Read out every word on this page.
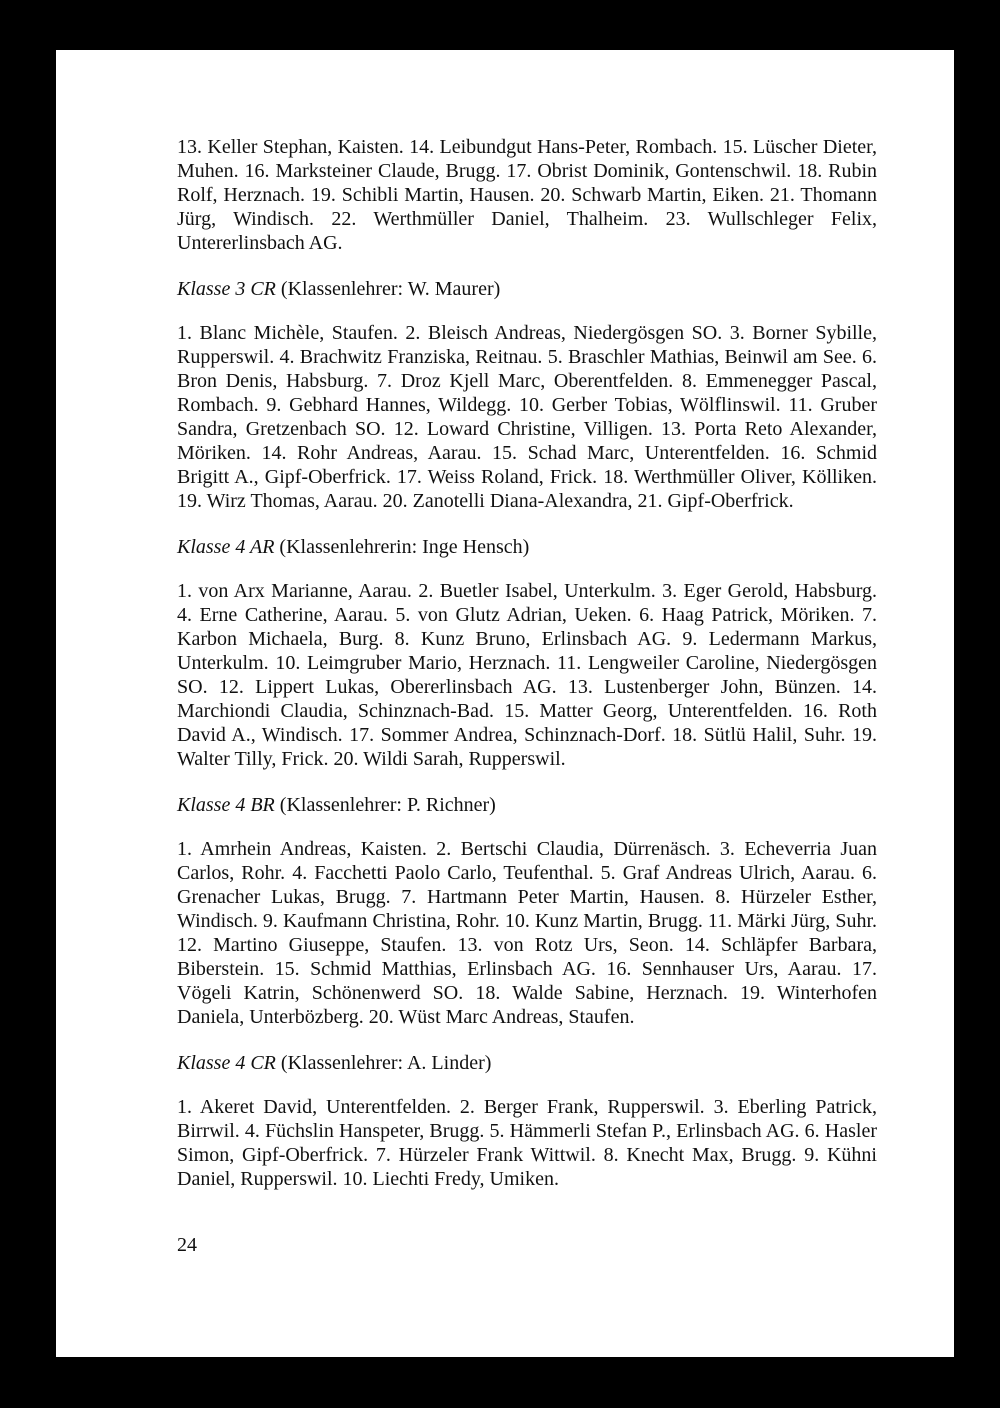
13. Keller Stephan, Kaisten. 14. Leibundgut Hans-Peter, Rombach. 15. Lüscher Dieter, Muhen. 16. Marksteiner Claude, Brugg. 17. Obrist Dominik, Gontenschwil. 18. Rubin Rolf, Herznach. 19. Schibli Martin, Hausen. 20. Schwarb Martin, Eiken. 21. Thomann Jürg, Windisch. 22. Werthmüller Daniel, Thalheim. 23. Wullschleger Felix, Untererlinsbach AG.

Klasse 3 CR (Klassenlehrer: W. Maurer)

1. Blanc Michèle, Staufen. 2. Bleisch Andreas, Niedergösgen SO. 3. Borner Sybille, Rupperswil. 4. Brachwitz Franziska, Reitnau. 5. Braschler Mathias, Beinwil am See. 6. Bron Denis, Habsburg. 7. Droz Kjell Marc, Oberentfelden. 8. Emmenegger Pascal, Rombach. 9. Gebhard Hannes, Wildegg. 10. Gerber Tobias, Wölflinswil. 11. Gruber Sandra, Gretzenbach SO. 12. Loward Christine, Villigen. 13. Porta Reto Alexander, Möriken. 14. Rohr Andreas, Aarau. 15. Schad Marc, Unterentfelden. 16. Schmid Brigitt A., Gipf-Oberfrick. 17. Weiss Roland, Frick. 18. Werthmüller Oliver, Kölliken. 19. Wirz Thomas, Aarau. 20. Zanotelli Diana-Alexandra, 21. Gipf-Oberfrick.

Klasse 4 AR (Klassenlehrerin: Inge Hensch)

1. von Arx Marianne, Aarau. 2. Buetler Isabel, Unterkulm. 3. Eger Gerold, Habsburg. 4. Erne Catherine, Aarau. 5. von Glutz Adrian, Ueken. 6. Haag Patrick, Möriken. 7. Karbon Michaela, Burg. 8. Kunz Bruno, Erlinsbach AG. 9. Ledermann Markus, Unterkulm. 10. Leimgruber Mario, Herznach. 11. Lengweiler Caroline, Niedergösgen SO. 12. Lippert Lukas, Obererlinsbach AG. 13. Lustenberger John, Bünzen. 14. Marchiondi Claudia, Schinznach-Bad. 15. Matter Georg, Unterentfelden. 16. Roth David A., Windisch. 17. Sommer Andrea, Schinznach-Dorf. 18. Sütlü Halil, Suhr. 19. Walter Tilly, Frick. 20. Wildi Sarah, Rupperswil.

Klasse 4 BR (Klassenlehrer: P. Richner)

1. Amrhein Andreas, Kaisten. 2. Bertschi Claudia, Dürrenäsch. 3. Echeverria Juan Carlos, Rohr. 4. Facchetti Paolo Carlo, Teufenthal. 5. Graf Andreas Ulrich, Aarau. 6. Grenacher Lukas, Brugg. 7. Hartmann Peter Martin, Hausen. 8. Hürzeler Esther, Windisch. 9. Kaufmann Christina, Rohr. 10. Kunz Martin, Brugg. 11. Märki Jürg, Suhr. 12. Martino Giuseppe, Staufen. 13. von Rotz Urs, Seon. 14. Schläpfer Barbara, Biberstein. 15. Schmid Matthias, Erlinsbach AG. 16. Sennhauser Urs, Aarau. 17. Vögeli Katrin, Schönenwerd SO. 18. Walde Sabine, Herznach. 19. Winterhofen Daniela, Unterbözberg. 20. Wüst Marc Andreas, Staufen.

Klasse 4 CR (Klassenlehrer: A. Linder)

1. Akeret David, Unterentfelden. 2. Berger Frank, Rupperswil. 3. Eberling Patrick, Birrwil. 4. Füchslin Hanspeter, Brugg. 5. Hämmerli Stefan P., Erlinsbach AG. 6. Hasler Simon, Gipf-Oberfrick. 7. Hürzeler Frank Wittwil. 8. Knecht Max, Brugg. 9. Kühni Daniel, Rupperswil. 10. Liechti Fredy, Umiken.

24
